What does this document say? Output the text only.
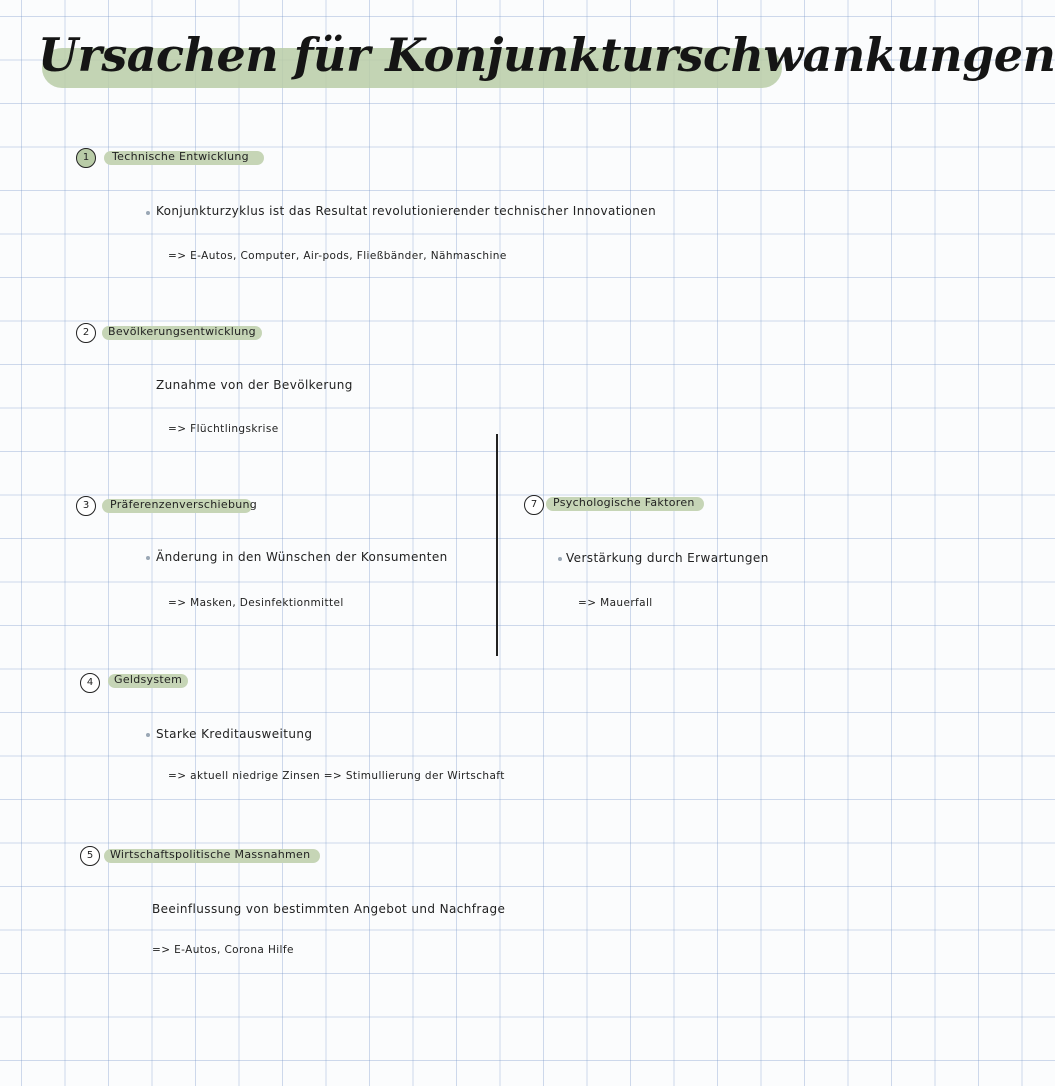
Ursachen für Konjunkturschwankungen
1	Technische Entwicklung
Konjunkturzyklus ist das Resultat revolutionierender technischer Innovationen
=> E-Autos, Computer, Air-pods, Fließbänder, Nähmaschine
2	Bevölkerungsentwicklung
Zunahme von der Bevölkerung
=> Flüchtlingskrise
3	Präferenzenverschiebung
Änderung in den Wünschen der Konsumenten
=> Masken, Desinfektionmittel
4	Geldsystem
Starke Kreditausweitung
=> aktuell niedrige Zinsen => Stimullierung der Wirtschaft
5	Wirtschaftspolitische Massnahmen
Beeinflussung von bestimmten Angebot und Nachfrage
=> E-Autos, Corona Hilfe
7	Psychologische Faktoren
Verstärkung durch Erwartungen
=> Mauerfall
